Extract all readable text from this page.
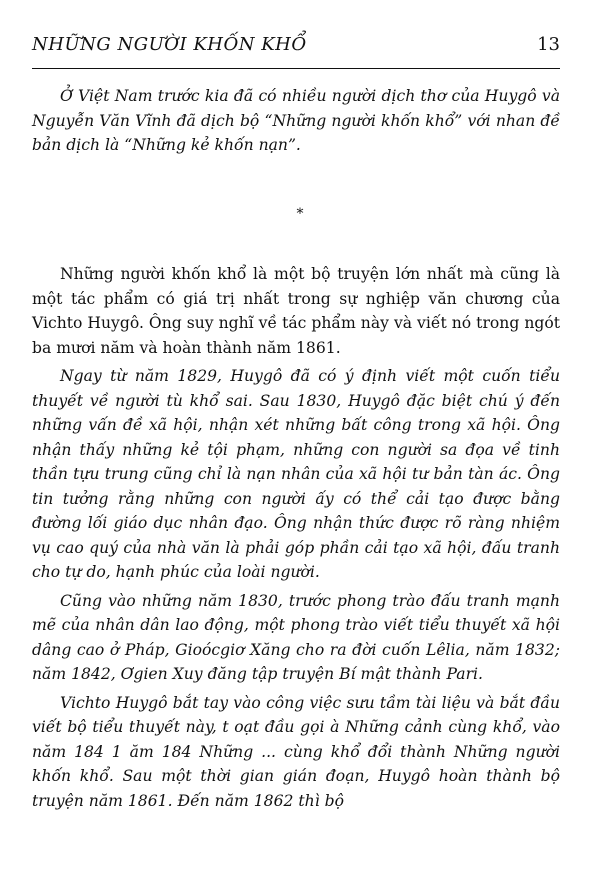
NHỮNG NGƯỜI KHỐN KHỔ	13

Ở Việt Nam trước kia đã có nhiều người dịch thơ của Huygô và Nguyễn Văn Vĩnh đã dịch bộ “Những người khốn khổ” với nhan đề bản dịch là “Những kẻ khốn nạn”.

*

Những người khốn khổ là một bộ truyện lớn nhất mà cũng là một tác phẩm có giá trị nhất trong sự nghiệp văn chương của Vichto Huygô. Ông suy nghĩ về tác phẩm này và viết nó trong ngót ba mươi năm và hoàn thành năm 1861.

Ngay từ năm 1829, Huygô đã có ý định viết một cuốn tiểu thuyết về người tù khổ sai. Sau 1830, Huygô đặc biệt chú ý đến những vấn đề xã hội, nhận xét những bất công trong xã hội. Ông nhận thấy những kẻ tội phạm, những con người sa đọa về tinh thần tựu trung cũng chỉ là nạn nhân của xã hội tư bản tàn ác. Ông tin tưởng rằng những con người ấy có thể cải tạo được bằng đường lối giáo dục nhân đạo. Ông nhận thức được rõ ràng nhiệm vụ cao quý của nhà văn là phải góp phần cải tạo xã hội, đấu tranh cho tự do, hạnh phúc của loài người.

Cũng vào những năm 1830, trước phong trào đấu tranh mạnh mẽ của nhân dân lao động, một phong trào viết tiểu thuyết xã hội dâng cao ở Pháp, Gioócgiơ Xăng cho ra đời cuốn Lêlia, năm 1832; năm 1842, Ơgien Xuy đăng tập truyện Bí mật thành Pari.

Vichto Huygô bắt tay vào công việc sưu tầm tài liệu và bắt đầu viết bộ tiểu thuyết này, t oạt đầu gọi à Những cảnh cùng khổ, vào năm 184 1 ăm 184 Những ... cùng khổ đổi thành Những người khốn khổ. Sau một thời gian gián đoạn, Huygô hoàn thành bộ truyện năm 1861. Đến năm 1862 thì bộ
